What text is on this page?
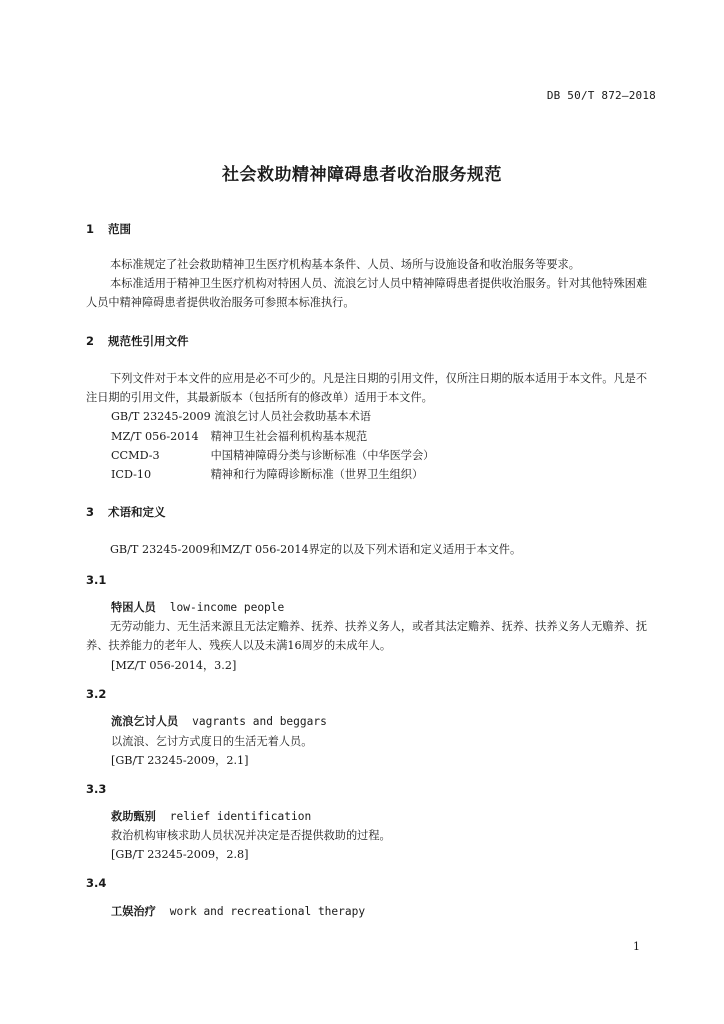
DB 50/T 872—2018
社会救助精神障碍患者收治服务规范
1 范围

本标准规定了社会救助精神卫生医疗机构基本条件、人员、场所与设施设备和收治服务等要求。

本标准适用于精神卫生医疗机构对特困人员、流浪乞讨人员中精神障碍患者提供收治服务。针对其他特殊困难人员中精神障碍患者提供收治服务可参照本标准执行。

2 规范性引用文件

下列文件对于本文件的应用是必不可少的。凡是注日期的引用文件，仅所注日期的版本适用于本文件。凡是不注日期的引用文件，其最新版本（包括所有的修改单）适用于本文件。

GB/T 23245-2009 流浪乞讨人员社会救助基本术语
MZ/T 056-2014 精神卫生社会福利机构基本规范
CCMD-3	中国精神障碍分类与诊断标准（中华医学会）
ICD-10	精神和行为障碍诊断标准（世界卫生组织）
3 术语和定义

GB/T 23245-2009和MZ/T 056-2014界定的以及下列术语和定义适用于本文件。

3.1
特困人员 low-income people

无劳动能力、无生活来源且无法定赡养、抚养、扶养义务人，或者其法定赡养、抚养、扶养义务人无赡养、抚养、扶养能力的老年人、残疾人以及未满16周岁的未成年人。

[MZ/T 056-2014，3.2]
3.2
流浪乞讨人员 vagrants and beggars
以流浪、乞讨方式度日的生活无着人员。
[GB/T 23245-2009，2.1]
3.3
救助甄别 relief identification
救治机构审核求助人员状况并决定是否提供救助的过程。
[GB/T 23245-2009，2.8]
3.4
工娱治疗 work and recreational therapy
1
